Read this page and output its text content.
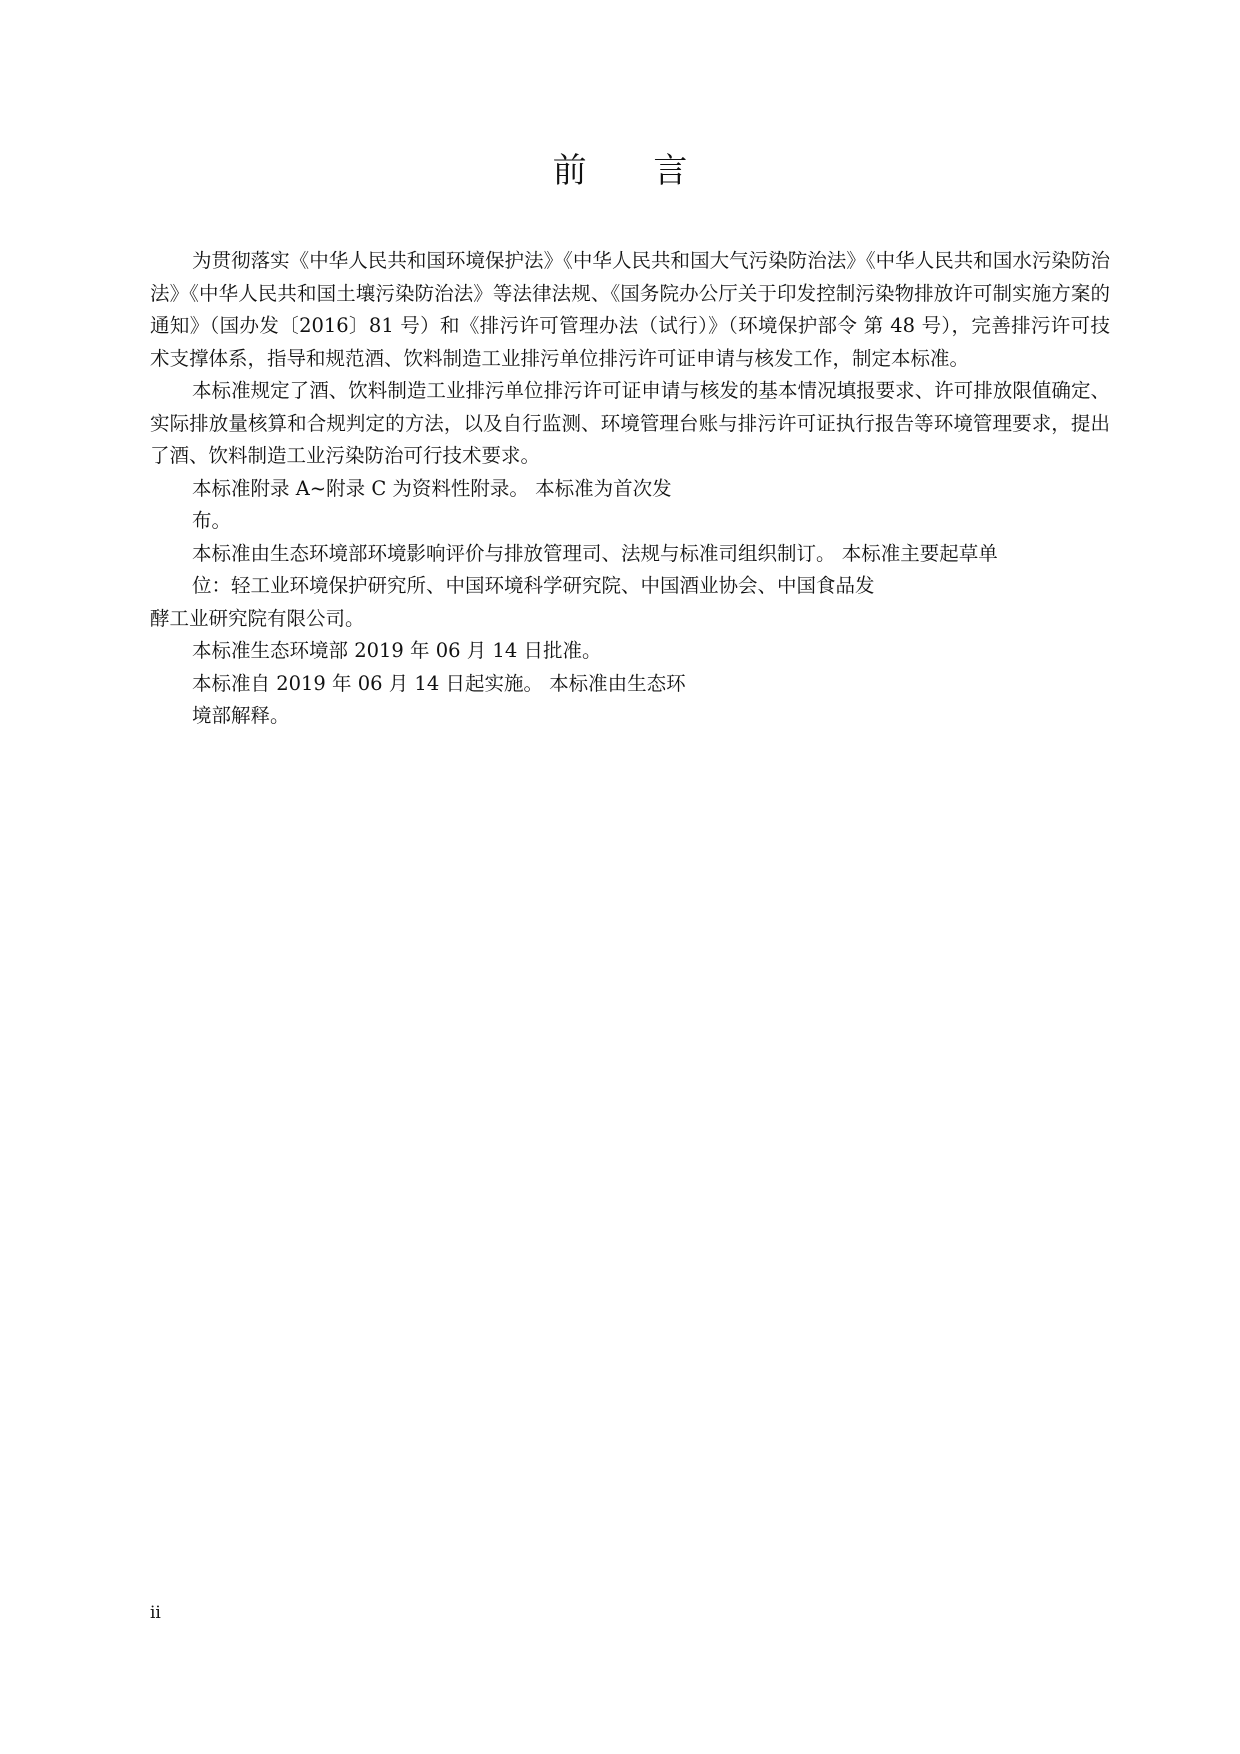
前 言

为贯彻落实《中华人民共和国环境保护法》《中华人民共和国大气污染防治法》《中华人民共和国水污染防治法》《中华人民共和国土壤污染防治法》等法律法规、《国务院办公厅关于印发控制污染物排放许可制实施方案的通知》（国办发〔2016〕81 号）和《排污许可管理办法（试行）》（环境保护部令 第 48 号），完善排污许可技术支撑体系，指导和规范酒、饮料制造工业排污单位排污许可证申请与核发工作，制定本标准。

本标准规定了酒、饮料制造工业排污单位排污许可证申请与核发的基本情况填报要求、许可排放限值确定、实际排放量核算和合规判定的方法，以及自行监测、环境管理台账与排污许可证执行报告等环境管理要求，提出了酒、饮料制造工业污染防治可行技术要求。

本标准附录 A~附录 C 为资料性附录。 本标准为首次发

布。

本标准由生态环境部环境影响评价与排放管理司、法规与标准司组织制订。 本标准主要起草单

位：轻工业环境保护研究所、中国环境科学研究院、中国酒业协会、中国食品发

酵工业研究院有限公司。

本标准生态环境部 2019 年 06 月 14 日批准。

本标准自 2019 年 06 月 14 日起实施。 本标准由生态环

境部解释。

ii
